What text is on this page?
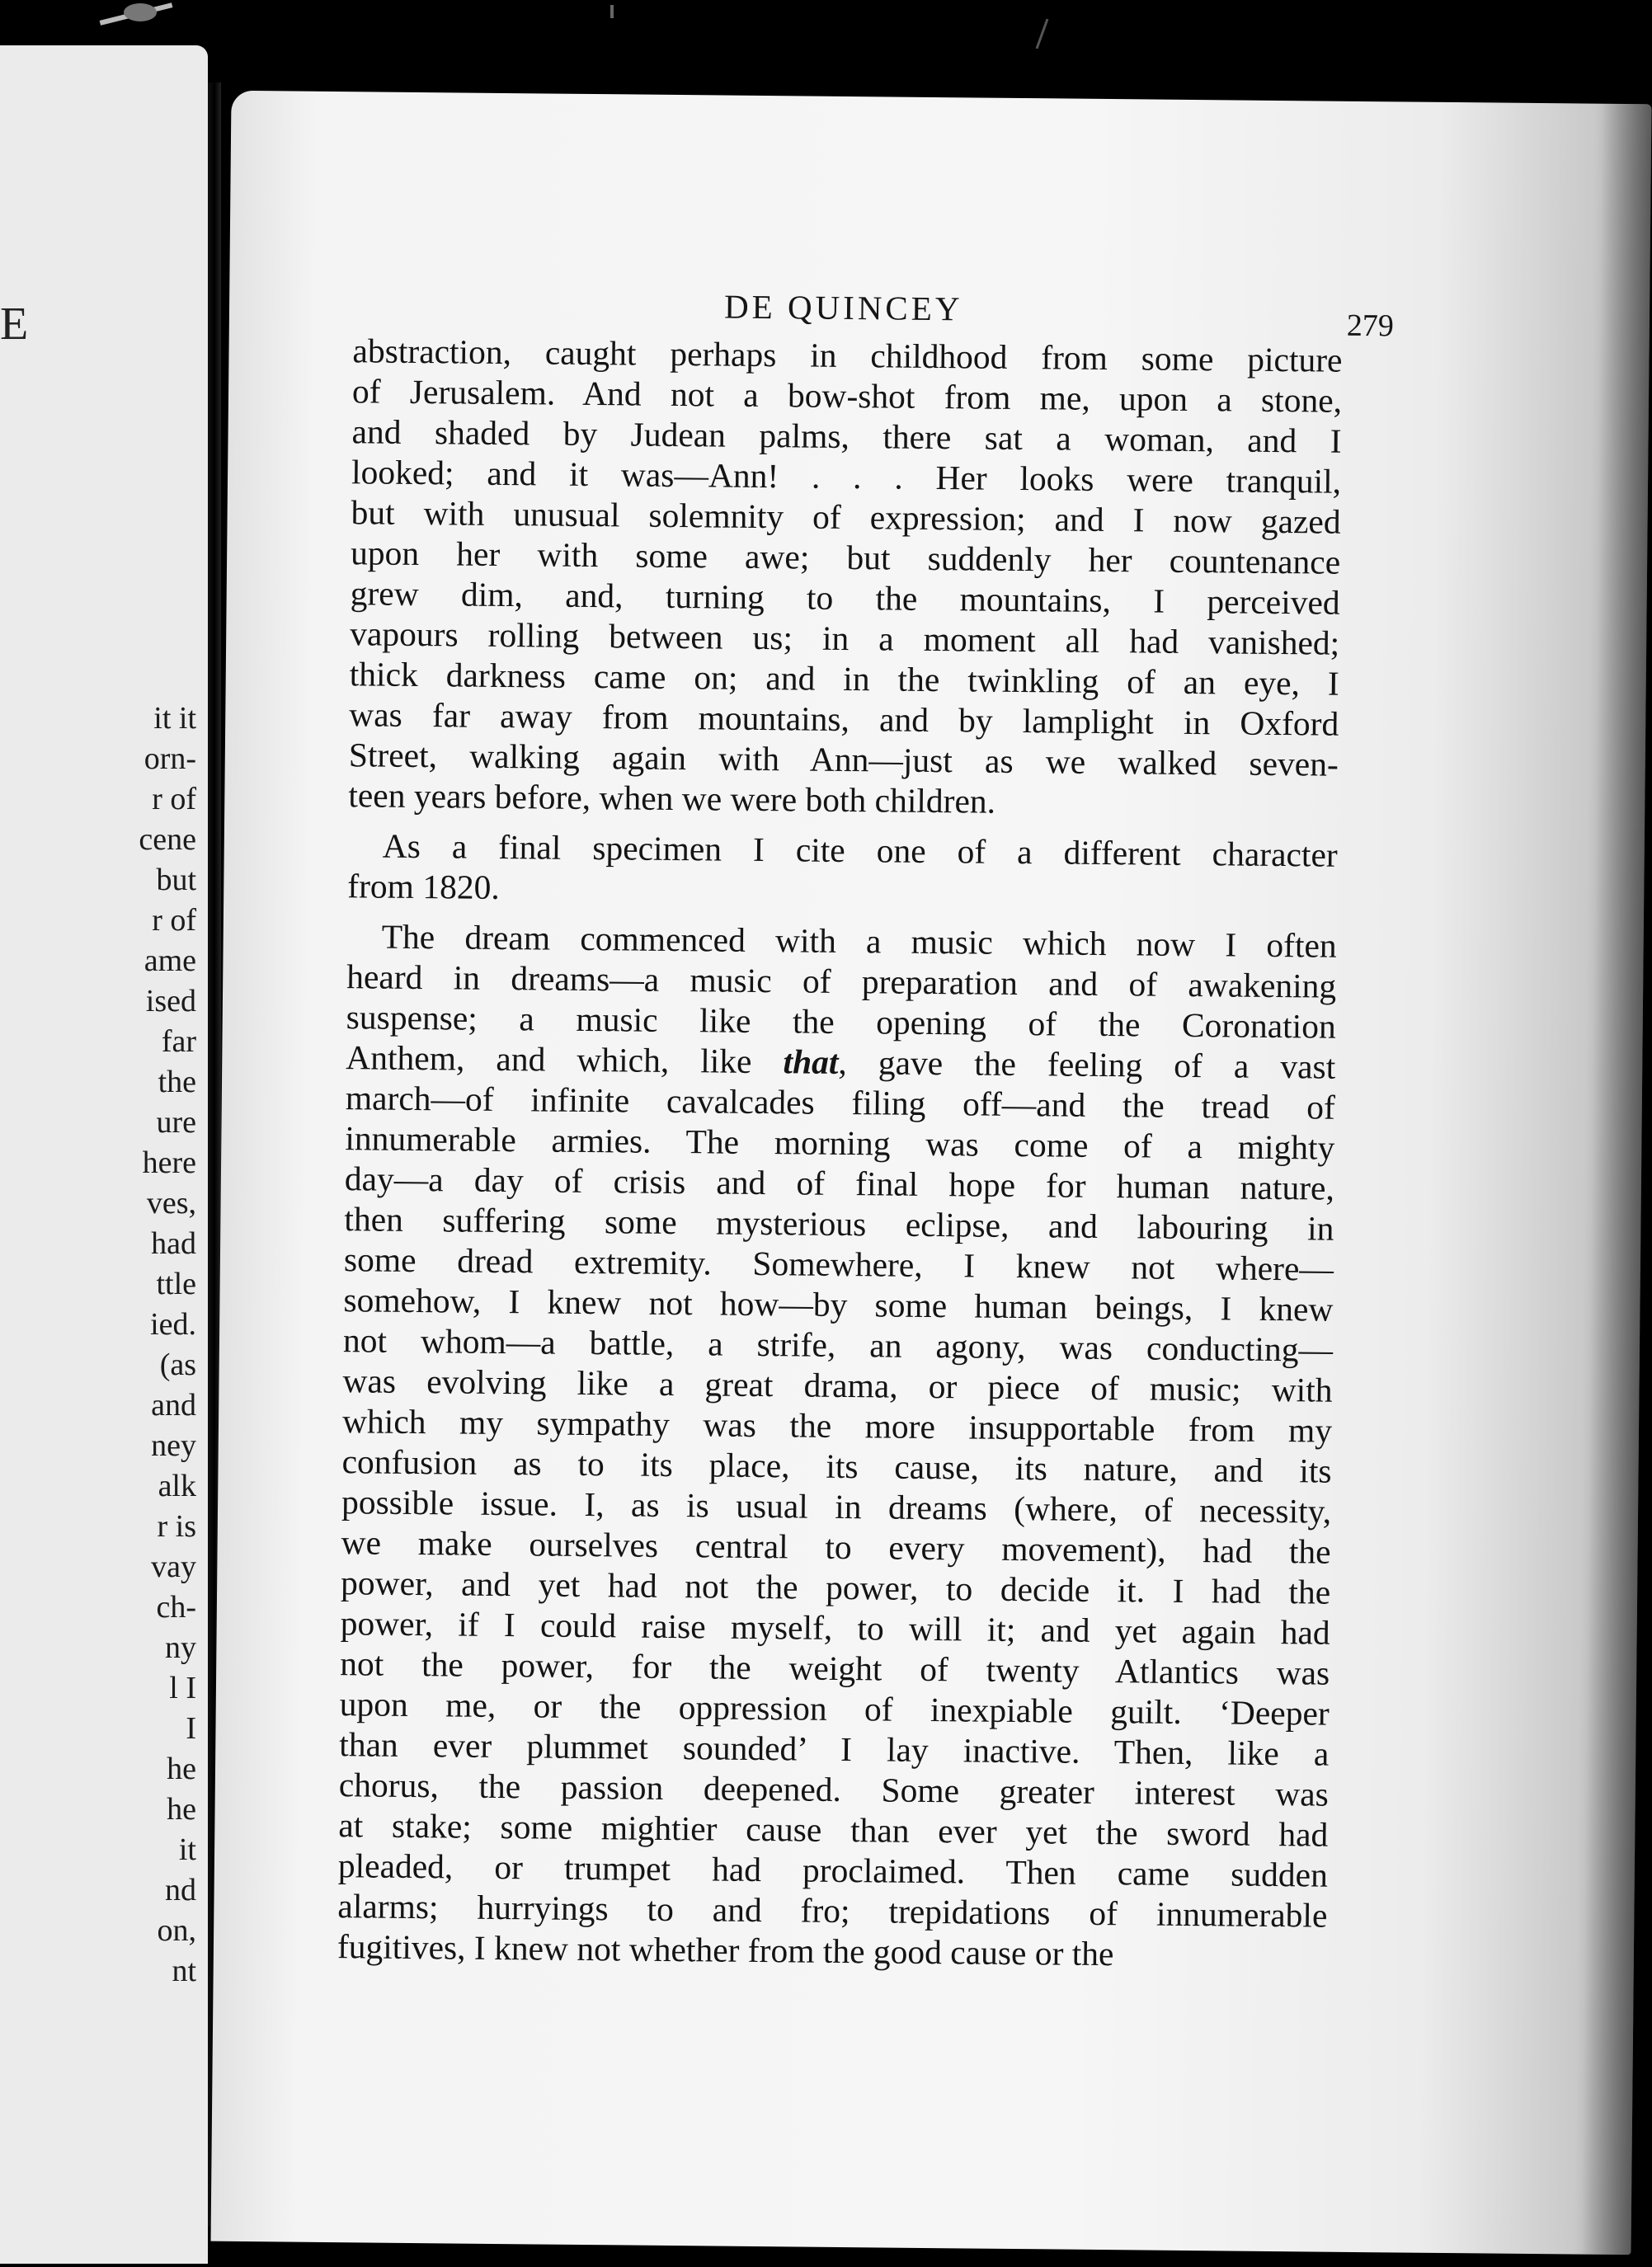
E
it it
orn-
r of
cene
but
r of
ame
ised
far
the
ure
here
ves,
had
ttle
ied.
(as
and
ney
alk
r is
vay
ch-
ny
l I
I
he
he
it
nd
on,
nt
DE QUINCEY	279
abstraction, caught perhaps in childhood from some picture
of Jerusalem. And not a bow-shot from me, upon a stone,
and shaded by Judean palms, there sat a woman, and I
looked; and it was—Ann! . . . Her looks were tranquil,
but with unusual solemnity of expression; and I now gazed
upon her with some awe; but suddenly her countenance
grew dim, and, turning to the mountains, I perceived
vapours rolling between us; in a moment all had vanished;
thick darkness came on; and in the twinkling of an eye, I
was far away from mountains, and by lamplight in Oxford
Street, walking again with Ann—just as we walked seven-
teen years before, when we were both children.
As a final specimen I cite one of a different character
from 1820.
The dream commenced with a music which now I often
heard in dreams—a music of preparation and of awakening
suspense; a music like the opening of the Coronation
Anthem, and which, like that, gave the feeling of a vast
march—of infinite cavalcades filing off—and the tread of
innumerable armies. The morning was come of a mighty
day—a day of crisis and of final hope for human nature,
then suffering some mysterious eclipse, and labouring in
some dread extremity. Somewhere, I knew not where—
somehow, I knew not how—by some human beings, I knew
not whom—a battle, a strife, an agony, was conducting—
was evolving like a great drama, or piece of music; with
which my sympathy was the more insupportable from my
confusion as to its place, its cause, its nature, and its
possible issue. I, as is usual in dreams (where, of necessity,
we make ourselves central to every movement), had the
power, and yet had not the power, to decide it. I had the
power, if I could raise myself, to will it; and yet again had
not the power, for the weight of twenty Atlantics was
upon me, or the oppression of inexpiable guilt. ‘Deeper
than ever plummet sounded’ I lay inactive. Then, like a
chorus, the passion deepened. Some greater interest was
at stake; some mightier cause than ever yet the sword had
pleaded, or trumpet had proclaimed. Then came sudden
alarms; hurryings to and fro; trepidations of innumerable
fugitives, I knew not whether from the good cause or the
